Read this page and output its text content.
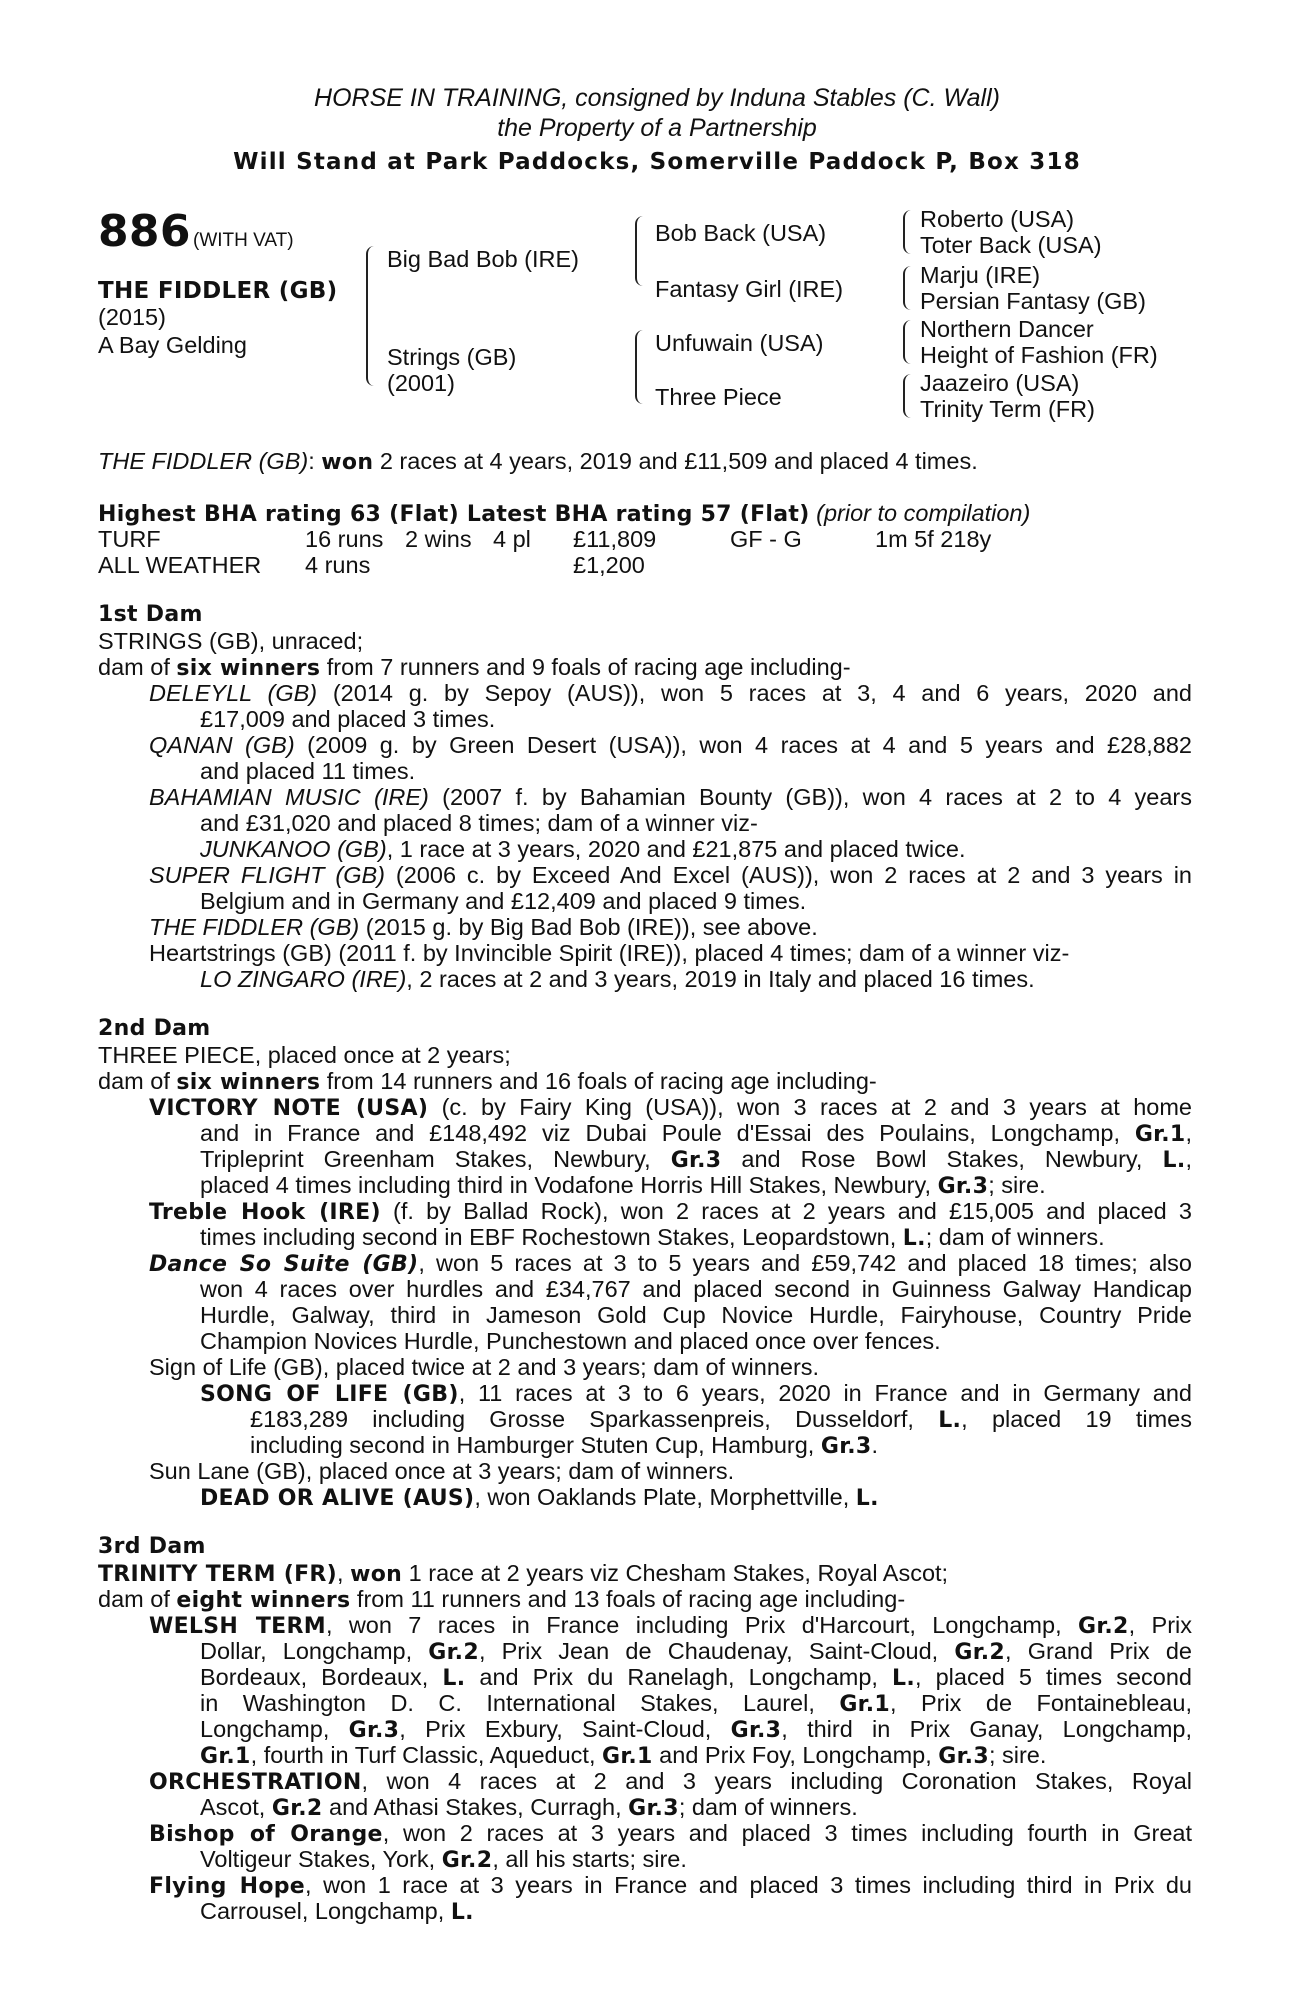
HORSE IN TRAINING, consigned by Induna Stables (C. Wall)
the Property of a Partnership
Will Stand at Park Paddocks, Somerville Paddock P, Box 318
886 (WITH VAT)
THE FIDDLER (GB)
(2015)
A Bay Gelding
Big Bad Bob (IRE)
Strings (GB)
(2001)
Bob Back (USA)
Fantasy Girl (IRE)
Unfuwain (USA)
Three Piece
Roberto (USA)
Toter Back (USA)
Marju (IRE)
Persian Fantasy (GB)
Northern Dancer
Height of Fashion (FR)
Jaazeiro (USA)
Trinity Term (FR)
THE FIDDLER (GB): won 2 races at 4 years, 2019 and £11,509 and placed 4 times.
Highest BHA rating 63 (Flat) Latest BHA rating 57 (Flat) (prior to compilation)
TURF	16 runs 2 wins 4 pl £11,809	GF - G	1m 5f 218y
ALL WEATHER 4 runs	£1,200
1st Dam
STRINGS (GB), unraced;
dam of six winners from 7 runners and 9 foals of racing age including-
DELEYLL (GB) (2014 g. by Sepoy (AUS)), won 5 races at 3, 4 and 6 years, 2020 and
£17,009 and placed 3 times.
QANAN (GB) (2009 g. by Green Desert (USA)), won 4 races at 4 and 5 years and £28,882
and placed 11 times.
BAHAMIAN MUSIC (IRE) (2007 f. by Bahamian Bounty (GB)), won 4 races at 2 to 4 years
and £31,020 and placed 8 times; dam of a winner viz-
JUNKANOO (GB), 1 race at 3 years, 2020 and £21,875 and placed twice.
SUPER FLIGHT (GB) (2006 c. by Exceed And Excel (AUS)), won 2 races at 2 and 3 years in
Belgium and in Germany and £12,409 and placed 9 times.
THE FIDDLER (GB) (2015 g. by Big Bad Bob (IRE)), see above.
Heartstrings (GB) (2011 f. by Invincible Spirit (IRE)), placed 4 times; dam of a winner viz-
LO ZINGARO (IRE), 2 races at 2 and 3 years, 2019 in Italy and placed 16 times.
2nd Dam
THREE PIECE, placed once at 2 years;
dam of six winners from 14 runners and 16 foals of racing age including-
VICTORY NOTE (USA) (c. by Fairy King (USA)), won 3 races at 2 and 3 years at home
and in France and £148,492 viz Dubai Poule d'Essai des Poulains, Longchamp, Gr.1,
Tripleprint Greenham Stakes, Newbury, Gr.3 and Rose Bowl Stakes, Newbury, L.,
placed 4 times including third in Vodafone Horris Hill Stakes, Newbury, Gr.3; sire.
Treble Hook (IRE) (f. by Ballad Rock), won 2 races at 2 years and £15,005 and placed 3
times including second in EBF Rochestown Stakes, Leopardstown, L.; dam of winners.
Dance So Suite (GB), won 5 races at 3 to 5 years and £59,742 and placed 18 times; also
won 4 races over hurdles and £34,767 and placed second in Guinness Galway Handicap
Hurdle, Galway, third in Jameson Gold Cup Novice Hurdle, Fairyhouse, Country Pride
Champion Novices Hurdle, Punchestown and placed once over fences.
Sign of Life (GB), placed twice at 2 and 3 years; dam of winners.
SONG OF LIFE (GB), 11 races at 3 to 6 years, 2020 in France and in Germany and
£183,289 including Grosse Sparkassenpreis, Dusseldorf, L., placed 19 times
including second in Hamburger Stuten Cup, Hamburg, Gr.3.
Sun Lane (GB), placed once at 3 years; dam of winners.
DEAD OR ALIVE (AUS), won Oaklands Plate, Morphettville, L.
3rd Dam
TRINITY TERM (FR), won 1 race at 2 years viz Chesham Stakes, Royal Ascot;
dam of eight winners from 11 runners and 13 foals of racing age including-
WELSH TERM, won 7 races in France including Prix d'Harcourt, Longchamp, Gr.2, Prix
Dollar, Longchamp, Gr.2, Prix Jean de Chaudenay, Saint-Cloud, Gr.2, Grand Prix de
Bordeaux, Bordeaux, L. and Prix du Ranelagh, Longchamp, L., placed 5 times second
in Washington D. C. International Stakes, Laurel, Gr.1, Prix de Fontainebleau,
Longchamp, Gr.3, Prix Exbury, Saint-Cloud, Gr.3, third in Prix Ganay, Longchamp,
Gr.1, fourth in Turf Classic, Aqueduct, Gr.1 and Prix Foy, Longchamp, Gr.3; sire.
ORCHESTRATION, won 4 races at 2 and 3 years including Coronation Stakes, Royal
Ascot, Gr.2 and Athasi Stakes, Curragh, Gr.3; dam of winners.
Bishop of Orange, won 2 races at 3 years and placed 3 times including fourth in Great
Voltigeur Stakes, York, Gr.2, all his starts; sire.
Flying Hope, won 1 race at 3 years in France and placed 3 times including third in Prix du
Carrousel, Longchamp, L.
